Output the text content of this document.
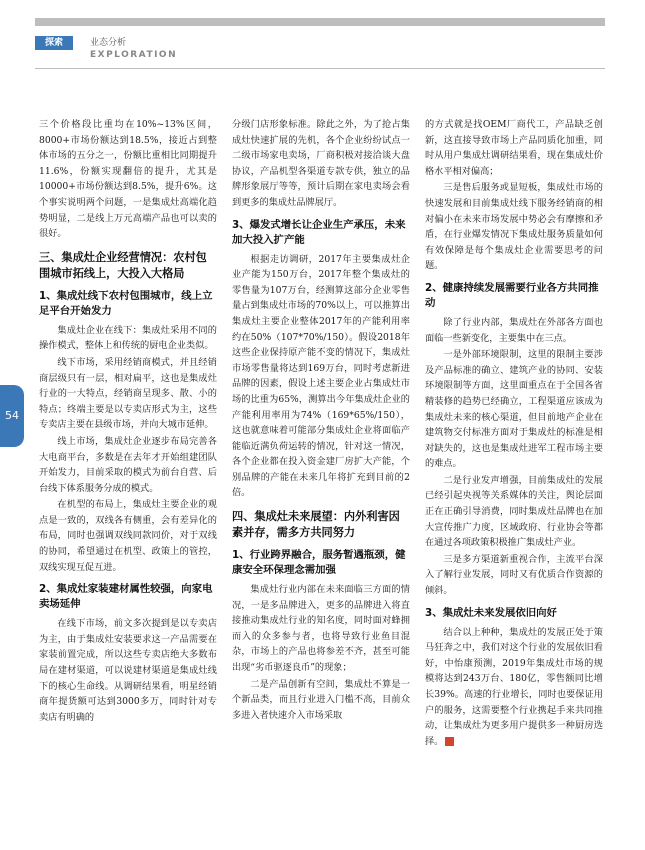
探索	业态分析
EXPLORATION
54

三个价格段比重均在10%~13%区间，8000+市场份额达到18.5%，接近占到整体市场的五分之一，份额比重相比同期提升11.6%，份额实现翻倍的提升，尤其是10000+市场份额达到8.5%，提升6%。这个事实说明两个问题，一是集成灶高端化趋势明显，二是线上万元高端产品也可以卖的很好。

三、集成灶企业经营情况：农村包围城市拓线上，大投入大格局
1、集成灶线下农村包围城市，线上立足平台开始发力

集成灶企业在线下：集成灶采用不同的操作模式，整体上和传统的厨电企业类似。

线下市场，采用经销商模式，并且经销商层级只有一层，相对扁平，这也是集成灶行业的一大特点，经销商呈现多、散、小的特点；终端主要是以专卖店形式为主，这些专卖店主要在县级市场，并向大城市延伸。

线上市场，集成灶企业逐步布局完善各大电商平台，多数是在去年才开始组建团队开始发力，目前采取的模式为前台自营、后台线下体系服务分成的模式。

在机型的布局上，集成灶主要企业的观点是一致的，双线各有侧重，会有差异化的布局，同时也强调双线同款同价，对于双线的协同，希望通过在机型、政策上的管控，双线实现互促互进。

2、集成灶家装建材属性较强，向家电卖场延伸

在线下市场，前文多次提到是以专卖店为主，由于集成灶安装要求这一产品需要在家装前置完成，所以这些专卖店绝大多数布局在建材渠道，可以说建材渠道是集成灶线下的核心生命线。从调研结果看，明星经销商年提货额可达到3000多万，同时针对专卖店有明确的

分级门店形象标准。除此之外，为了抢占集成灶快速扩展的先机，各个企业纷纷试点一二级市场家电卖场，厂商积极对接洽谈大盘协议，产品机型各渠道专款专供，独立的品牌形象展厅等等，预计后期在家电卖场会看到更多的集成灶品牌展厅。

3、爆发式增长让企业生产承压，未来加大投入扩产能

根据走访调研，2017年主要集成灶企业产能为150万台，2017年整个集成灶的零售量为107万台，经测算这部分企业零售量占到集成灶市场的70%以上，可以推算出集成灶主要企业整体2017年的产能利用率约在50%（107*70%/150）。假设2018年这些企业保持原产能不变的情况下，集成灶市场零售量将达到169万台，同时考虑新进品牌的因素，假设上述主要企业占集成灶市场的比重为65%，测算出今年集成灶企业的产能利用率用为74%（169*65%/150），这也就意味着可能部分集成灶企业将面临产能临近满负荷运转的情况，针对这一情况，各个企业都在投入资金建厂房扩大产能，个别品牌的产能在未来几年将扩充到目前的2倍。

四、集成灶未来展望：内外利害因素并存，需多方共同努力
1、行业跨界融合，服务暂遇瓶颈，健康安全环保理念需加强

集成灶行业内部在未来面临三方面的情况，一是多品牌进入，更多的品牌进入将直接推动集成灶行业的知名度，同时面对蜂拥而入的众多参与者，也将导致行业鱼目混杂，市场上的产品也将参差不齐，甚至可能出现“劣币驱逐良币”的现象；

二是产品创新有空间，集成灶不算是一个新品类，而且行业进入门槛不高，目前众多进入者快速介入市场采取

的方式就是找OEM厂商代工，产品缺乏创新，这直接导致市场上产品同质化加重，同时从用户集成灶调研结果看，现在集成灶价格水平相对偏高；

三是售后服务或显短板，集成灶市场的快速发展和目前集成灶线下服务经销商的相对偏小在未来市场发展中势必会有摩擦和矛盾，在行业爆发情况下集成灶服务质量如何有效保障是每个集成灶企业需要思考的问题。

2、健康持续发展需要行业各方共同推动

除了行业内部，集成灶在外部各方面也面临一些新变化，主要集中在三点。

一是外部环境限制，这里的限制主要涉及产品标准的确立、建筑产业的协同、安装环境限制等方面，这里面重点在于全国各省精装修的趋势已经确立，工程渠道应该成为集成灶未来的核心渠道，但目前地产企业在建筑物交付标准方面对于集成灶的标准是相对缺失的，这也是集成灶进军工程市场主要的难点。

二是行业发声增强，目前集成灶的发展已经引起央视等关系媒体的关注，舆论层面正在正确引导消费，同时集成灶品牌也在加大宣传推广力度，区域政府、行业协会等都在通过各项政策积极推广集成灶产业。

三是多方渠道新重视合作，主流平台深入了解行业发展，同时又有优质合作资源的倾斜。

3、集成灶未来发展依旧向好

结合以上种种，集成灶的发展正处于策马狂奔之中，我们对这个行业的发展依旧看好，中怡康预测，2019年集成灶市场的规模将达到243万台、180亿，零售额同比增长39%。高速的行业增长，同时也要保证用户的服务，这需要整个行业携起手来共同推动，让集成灶为更多用户提供多一种厨房选择。
